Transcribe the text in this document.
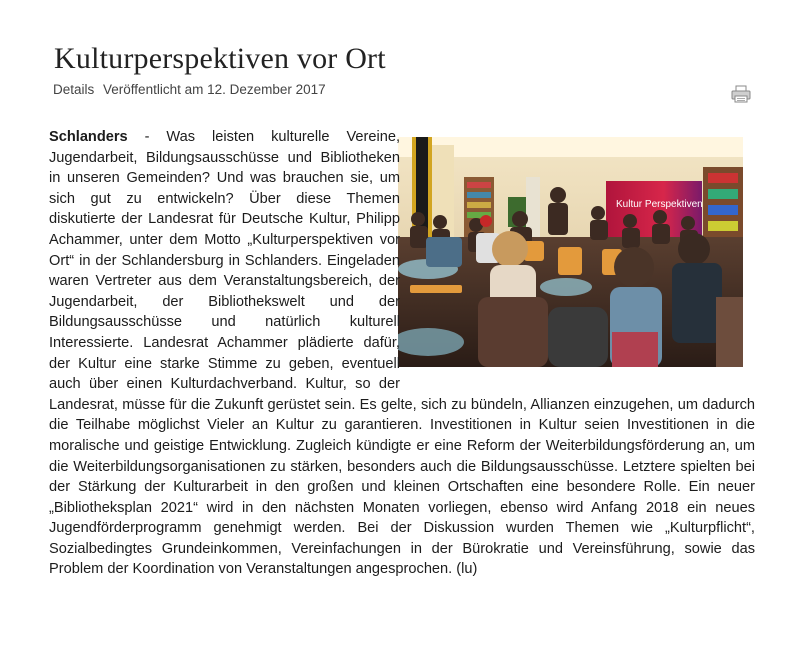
Kulturperspektiven vor Ort
Details Veröffentlicht am 12. Dezember 2017
Kultur Perspektiven

Schlanders - Was leisten kulturelle Vereine, Jugendarbeit, Bildungsausschüsse und Bibliotheken in unseren Gemeinden? Und was brauchen sie, um sich gut zu entwickeln? Über diese Themen diskutierte der Landesrat für Deutsche Kultur, Philipp Achammer, unter dem Motto „Kulturperspektiven vor Ort“ in der Schlandersburg in Schlanders. Eingeladen waren Vertreter aus dem Veranstaltungsbereich, der Jugendarbeit, der Bibliothekswelt und der Bildungsausschüsse und natürlich kulturell Interessierte. Landesrat Achammer plädierte dafür, der Kultur eine starke Stimme zu geben, eventuell auch über einen Kulturdachverband. Kultur, so der Landesrat, müsse für die Zukunft gerüstet sein. Es gelte, sich zu bündeln, Allianzen einzugehen, um dadurch die Teilhabe möglichst Vieler an Kultur zu garantieren. Investitionen in Kultur seien Investitionen in die moralische und geistige Entwicklung. Zugleich kündigte er eine Reform der Weiterbildungsförderung an, um die Weiterbildungsorganisationen zu stärken, besonders auch die Bildungsausschüsse. Letztere spielten bei der Stärkung der Kulturarbeit in den großen und kleinen Ortschaften eine besondere Rolle. Ein neuer „Bibliotheksplan 2021“ wird in den nächsten Monaten vorliegen, ebenso wird Anfang 2018 ein neues Jugendförderprogramm genehmigt werden. Bei der Diskussion wurden Themen wie „Kulturpflicht“, Sozialbedingtes Grundeinkommen, Vereinfachungen in der Bürokratie und Vereinsführung, sowie das Problem der Koordination von Veranstaltungen angesprochen. (lu)
